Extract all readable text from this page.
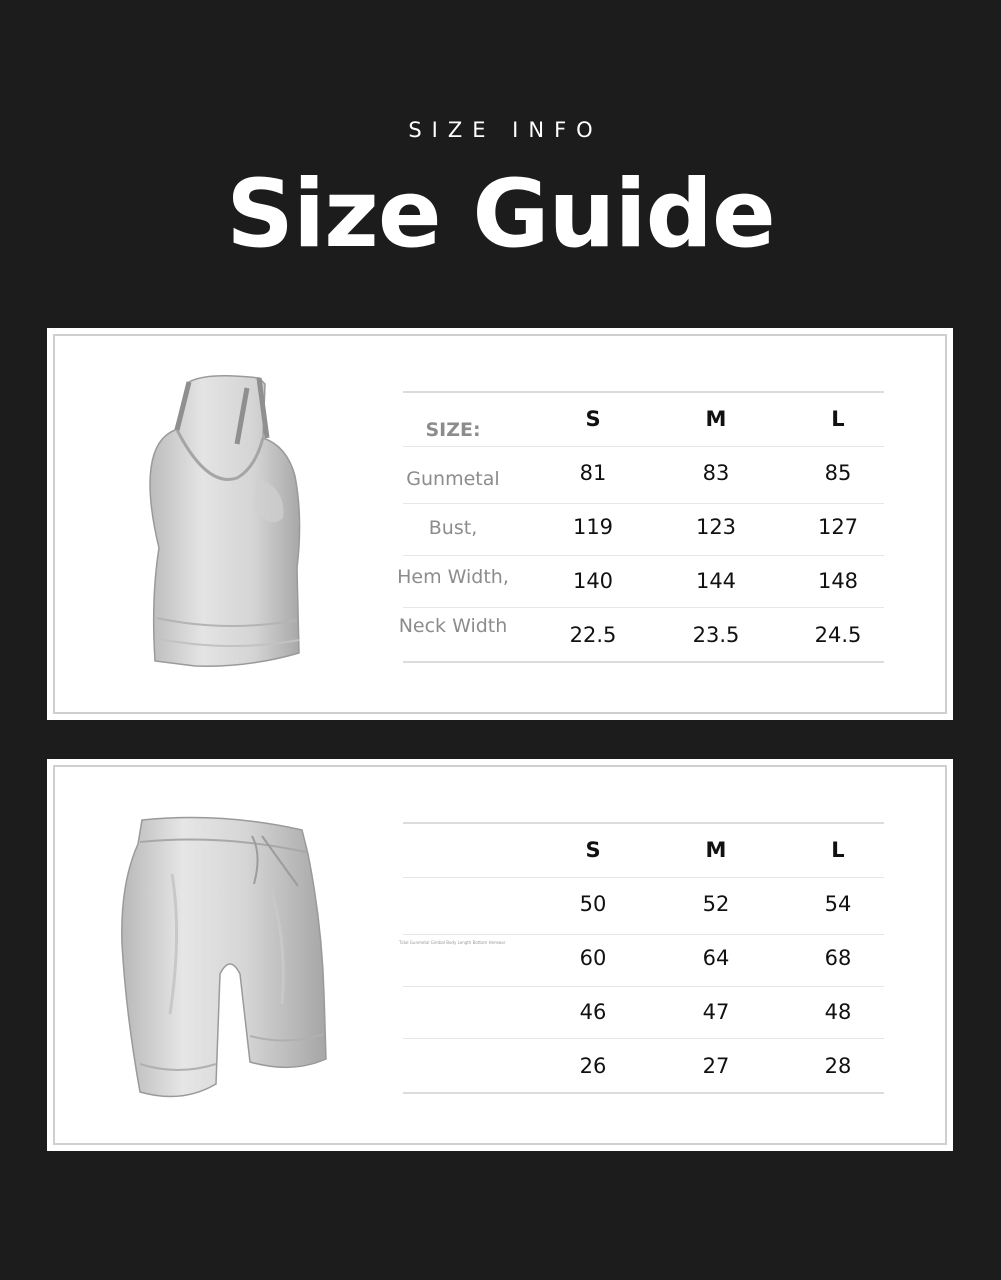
SIZE INFO
Size Guide
SIZE:	S	M	L
Gunmetal	81	83	85
Bust,	119	123	127
Hem Width,	140	144	148
Neck Width	22.5	23.5	24.5
S	M	L
50	52	54
Tidal Gunmetal Gimbal Body Length Bottom Hemwar
60	64	68
46	47	48
26	27	28
